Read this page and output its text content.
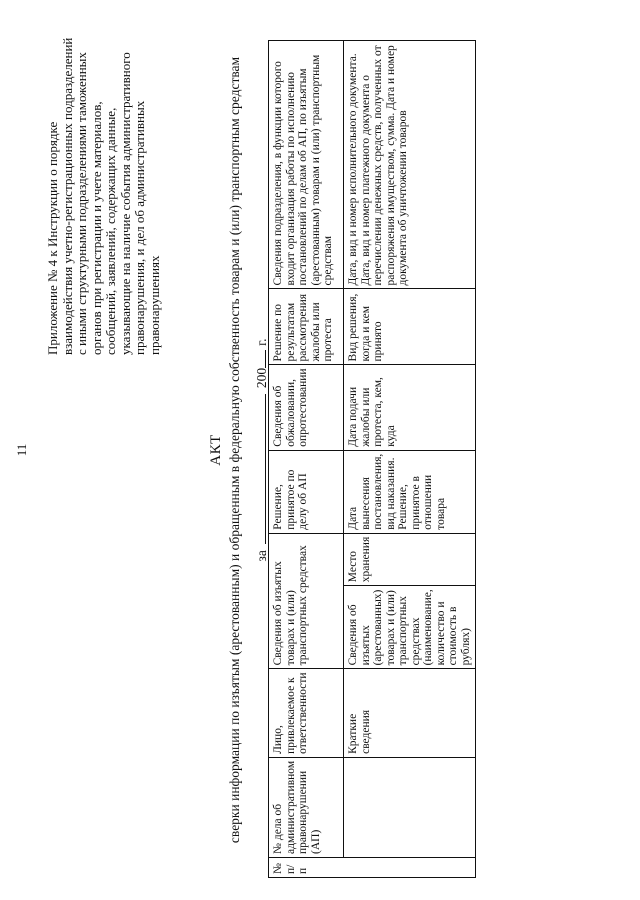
11
Приложение № 4 к Инструкции о порядке взаимодействия учетно-регистрационных подразделений с иными структурными подразделениями таможенных органов при регистрации и учете материалов, сообщений, заявлений, содержащих данные, указывающие на наличие события административного правонарушения, и дел об административных правонарушениях
АКТ сверки информации по изъятым (арестованным) и обращенным в федеральную собственность товарам и (или) транспортным средствам за200г.
№ п/п	№ дела об административном правонарушении (АП)	Лицо, привлекаемое к ответственности	Сведения об изъятых товарах и (или) транспортных средствах		Решение, принятое по делу об АП	Сведения об обжаловании, опротестовании	Решение по результатам рассмотрения жалобы или протеста	Сведения подразделения, в функции которого входит организация работы по исполнению постановлений по делам об АП, по изъятым (арестованным) товарам и (или) транспортным средствам
		Краткие сведения	Сведения об изъятых (арестованных) товарах и (или) транспортных средствах (наименование, количество и стоимость в рублях)	Место хранения	Дата вынесения постановления, вид наказания. Решение, принятое в отношении товара	Дата подачи жалобы или протеста, кем, куда	Вид решения, когда и кем принято	Дата, вид и номер исполнительного документа. Дата, вид и номер платежного документа о перечислении денежных средств, полученных от распоряжения имуществом, сумма. Дата и номер документа об уничтожении товаров
